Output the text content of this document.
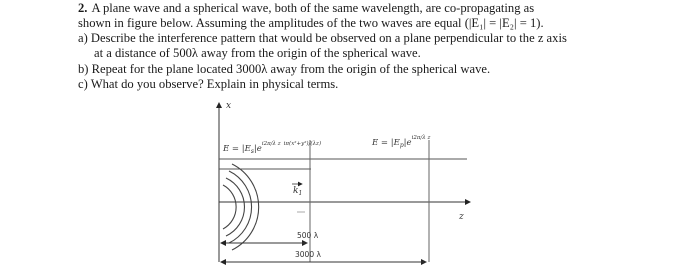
2. A plane wave and a spherical wave, both of the same wavelength, are co-propagating as
shown in figure below. Assuming the amplitudes of the two waves are equal (|E₁| = |E₂| = 1).
a) Describe the interference pattern that would be observed on a plane perpendicular to the z axis
at a distance of 500λ away from the origin of the spherical wave.
b) Repeat for the plane located 3000λ away from the origin of the spherical wave.
c) What do you observe? Explain in physical terms.
x
z
$k_1$
$E = |E_s|e^{i2\pi/\lambda z}$ iπ(x²+y²)/(λz)	$E = |E_p|e^{i2\pi/\lambda z}$
500 λ
3000 λ
